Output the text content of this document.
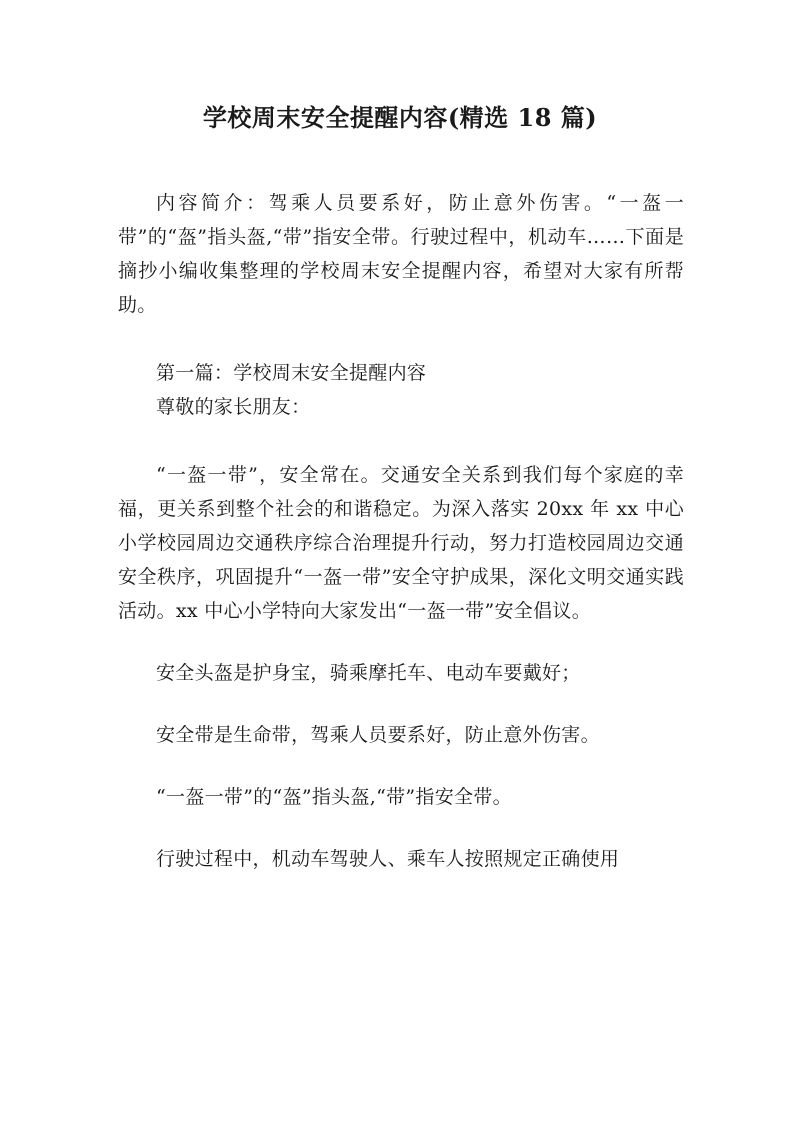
学校周末安全提醒内容(精选 18 篇)

内容简介：驾乘人员要系好，防止意外伤害。“一盔一带”的“盔”指头盔,“带”指安全带。行驶过程中，机动车……下面是摘抄小编收集整理的学校周末安全提醒内容，希望对大家有所帮助。

第一篇：学校周末安全提醒内容

尊敬的家长朋友：

“一盔一带”，安全常在。交通安全关系到我们每个家庭的幸福，更关系到整个社会的和谐稳定。为深入落实 20xx 年 xx 中心小学校园周边交通秩序综合治理提升行动，努力打造校园周边交通安全秩序，巩固提升“一盔一带”安全守护成果，深化文明交通实践活动。xx 中心小学特向大家发出“一盔一带”安全倡议。

安全头盔是护身宝，骑乘摩托车、电动车要戴好；

安全带是生命带，驾乘人员要系好，防止意外伤害。

“一盔一带”的“盔”指头盔,“带”指安全带。

行驶过程中，机动车驾驶人、乘车人按照规定正确使用
